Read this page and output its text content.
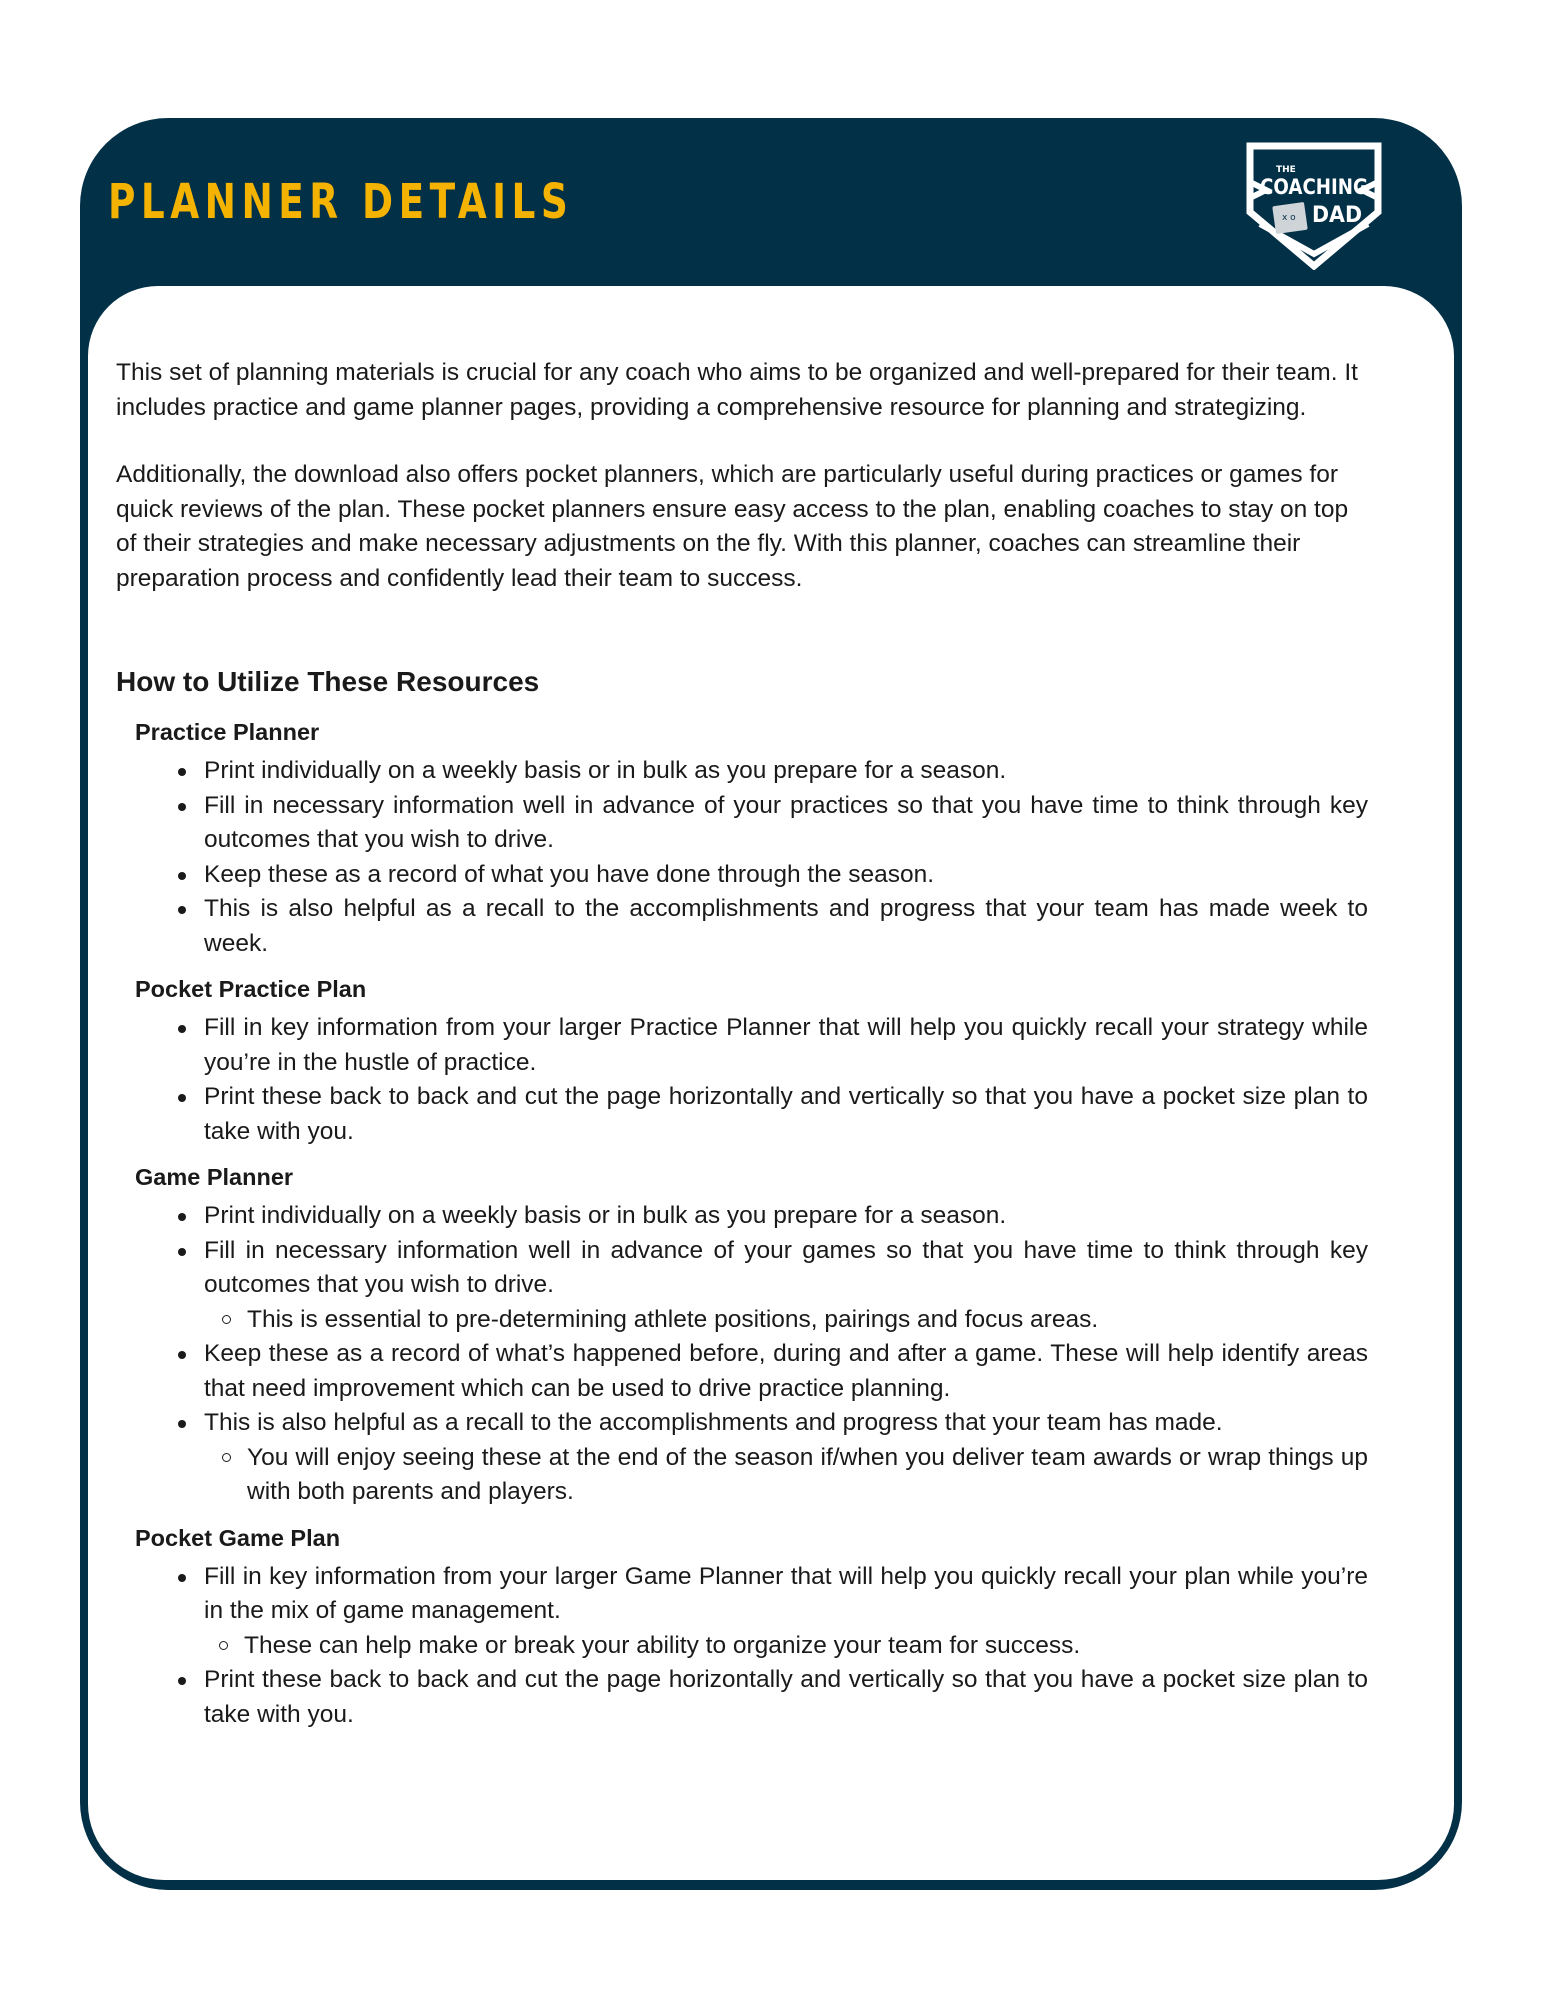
PLANNER DETAILS	x o
THE
COACHING
DAD

This set of planning materials is crucial for any coach who aims to be organized and well-prepared for their team. It includes practice and game planner pages, providing a comprehensive resource for planning and strategizing.

Additionally, the download also offers pocket planners, which are particularly useful during practices or games for quick reviews of the plan. These pocket planners ensure easy access to the plan, enabling coaches to stay on top of their strategies and make necessary adjustments on the fly. With this planner, coaches can streamline their preparation process and confidently lead their team to success.

How to Utilize These Resources
Practice Planner
Print individually on a weekly basis or in bulk as you prepare for a season.
Fill in necessary information well in advance of your practices so that you have time to think through key outcomes that you wish to drive.
Keep these as a record of what you have done through the season.
This is also helpful as a recall to the accomplishments and progress that your team has made week to week.
Pocket Practice Plan
Fill in key information from your larger Practice Planner that will help you quickly recall your strategy while you’re in the hustle of practice.
Print these back to back and cut the page horizontally and vertically so that you have a pocket size plan to take with you.
Game Planner
Print individually on a weekly basis or in bulk as you prepare for a season.
Fill in necessary information well in advance of your games so that you have time to think through key outcomes that you wish to drive.
This is essential to pre-determining athlete positions, pairings and focus areas.
Keep these as a record of what’s happened before, during and after a game. These will help identify areas that need improvement which can be used to drive practice planning.
This is also helpful as a recall to the accomplishments and progress that your team has made.
You will enjoy seeing these at the end of the season if/when you deliver team awards or wrap things up with both parents and players.
Pocket Game Plan
Fill in key information from your larger Game Planner that will help you quickly recall your plan while you’re in the mix of game management.
These can help make or break your ability to organize your team for success.
Print these back to back and cut the page horizontally and vertically so that you have a pocket size plan to take with you.
